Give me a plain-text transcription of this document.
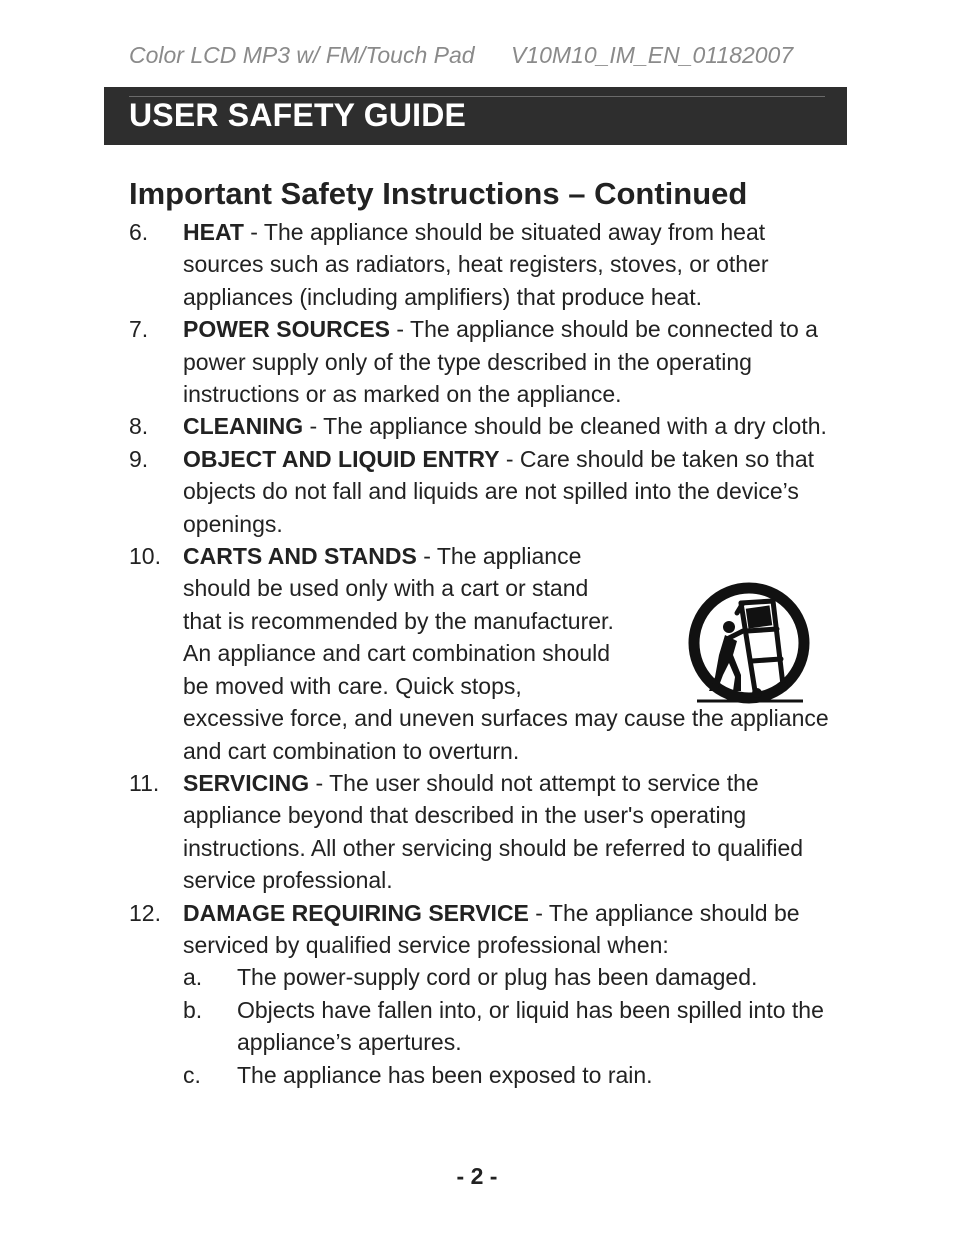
Color LCD MP3 w/ FM/Touch Pad V10M10_IM_EN_01182007
USER SAFETY GUIDE
Important Safety Instructions – Continued
6. HEAT - The appliance should be situated away from heat sources such as radiators, heat registers, stoves, or other appliances (including amplifiers) that produce heat.
7. POWER SOURCES - The appliance should be connected to a power supply only of the type described in the operating instructions or as marked on the appliance.
8. CLEANING - The appliance should be cleaned with a dry cloth.
9. OBJECT AND LIQUID ENTRY - Care should be taken so that objects do not fall and liquids are not spilled into the device’s openings.
10. CARTS AND STANDS - The appliance should be used only with a cart or stand that is recommended by the manufacturer. An appliance and cart combination should be moved with care. Quick stops, excessive force, and uneven surfaces may cause the appliance and cart combination to overturn.
11. SERVICING - The user should not attempt to service the appliance beyond that described in the user's operating instructions. All other servicing should be referred to qualified service professional.
12. DAMAGE REQUIRING SERVICE - The appliance should be serviced by qualified service professional when:
a. The power-supply cord or plug has been damaged.
b. Objects have fallen into, or liquid has been spilled into the appliance’s apertures.
c. The appliance has been exposed to rain.
- 2 -
